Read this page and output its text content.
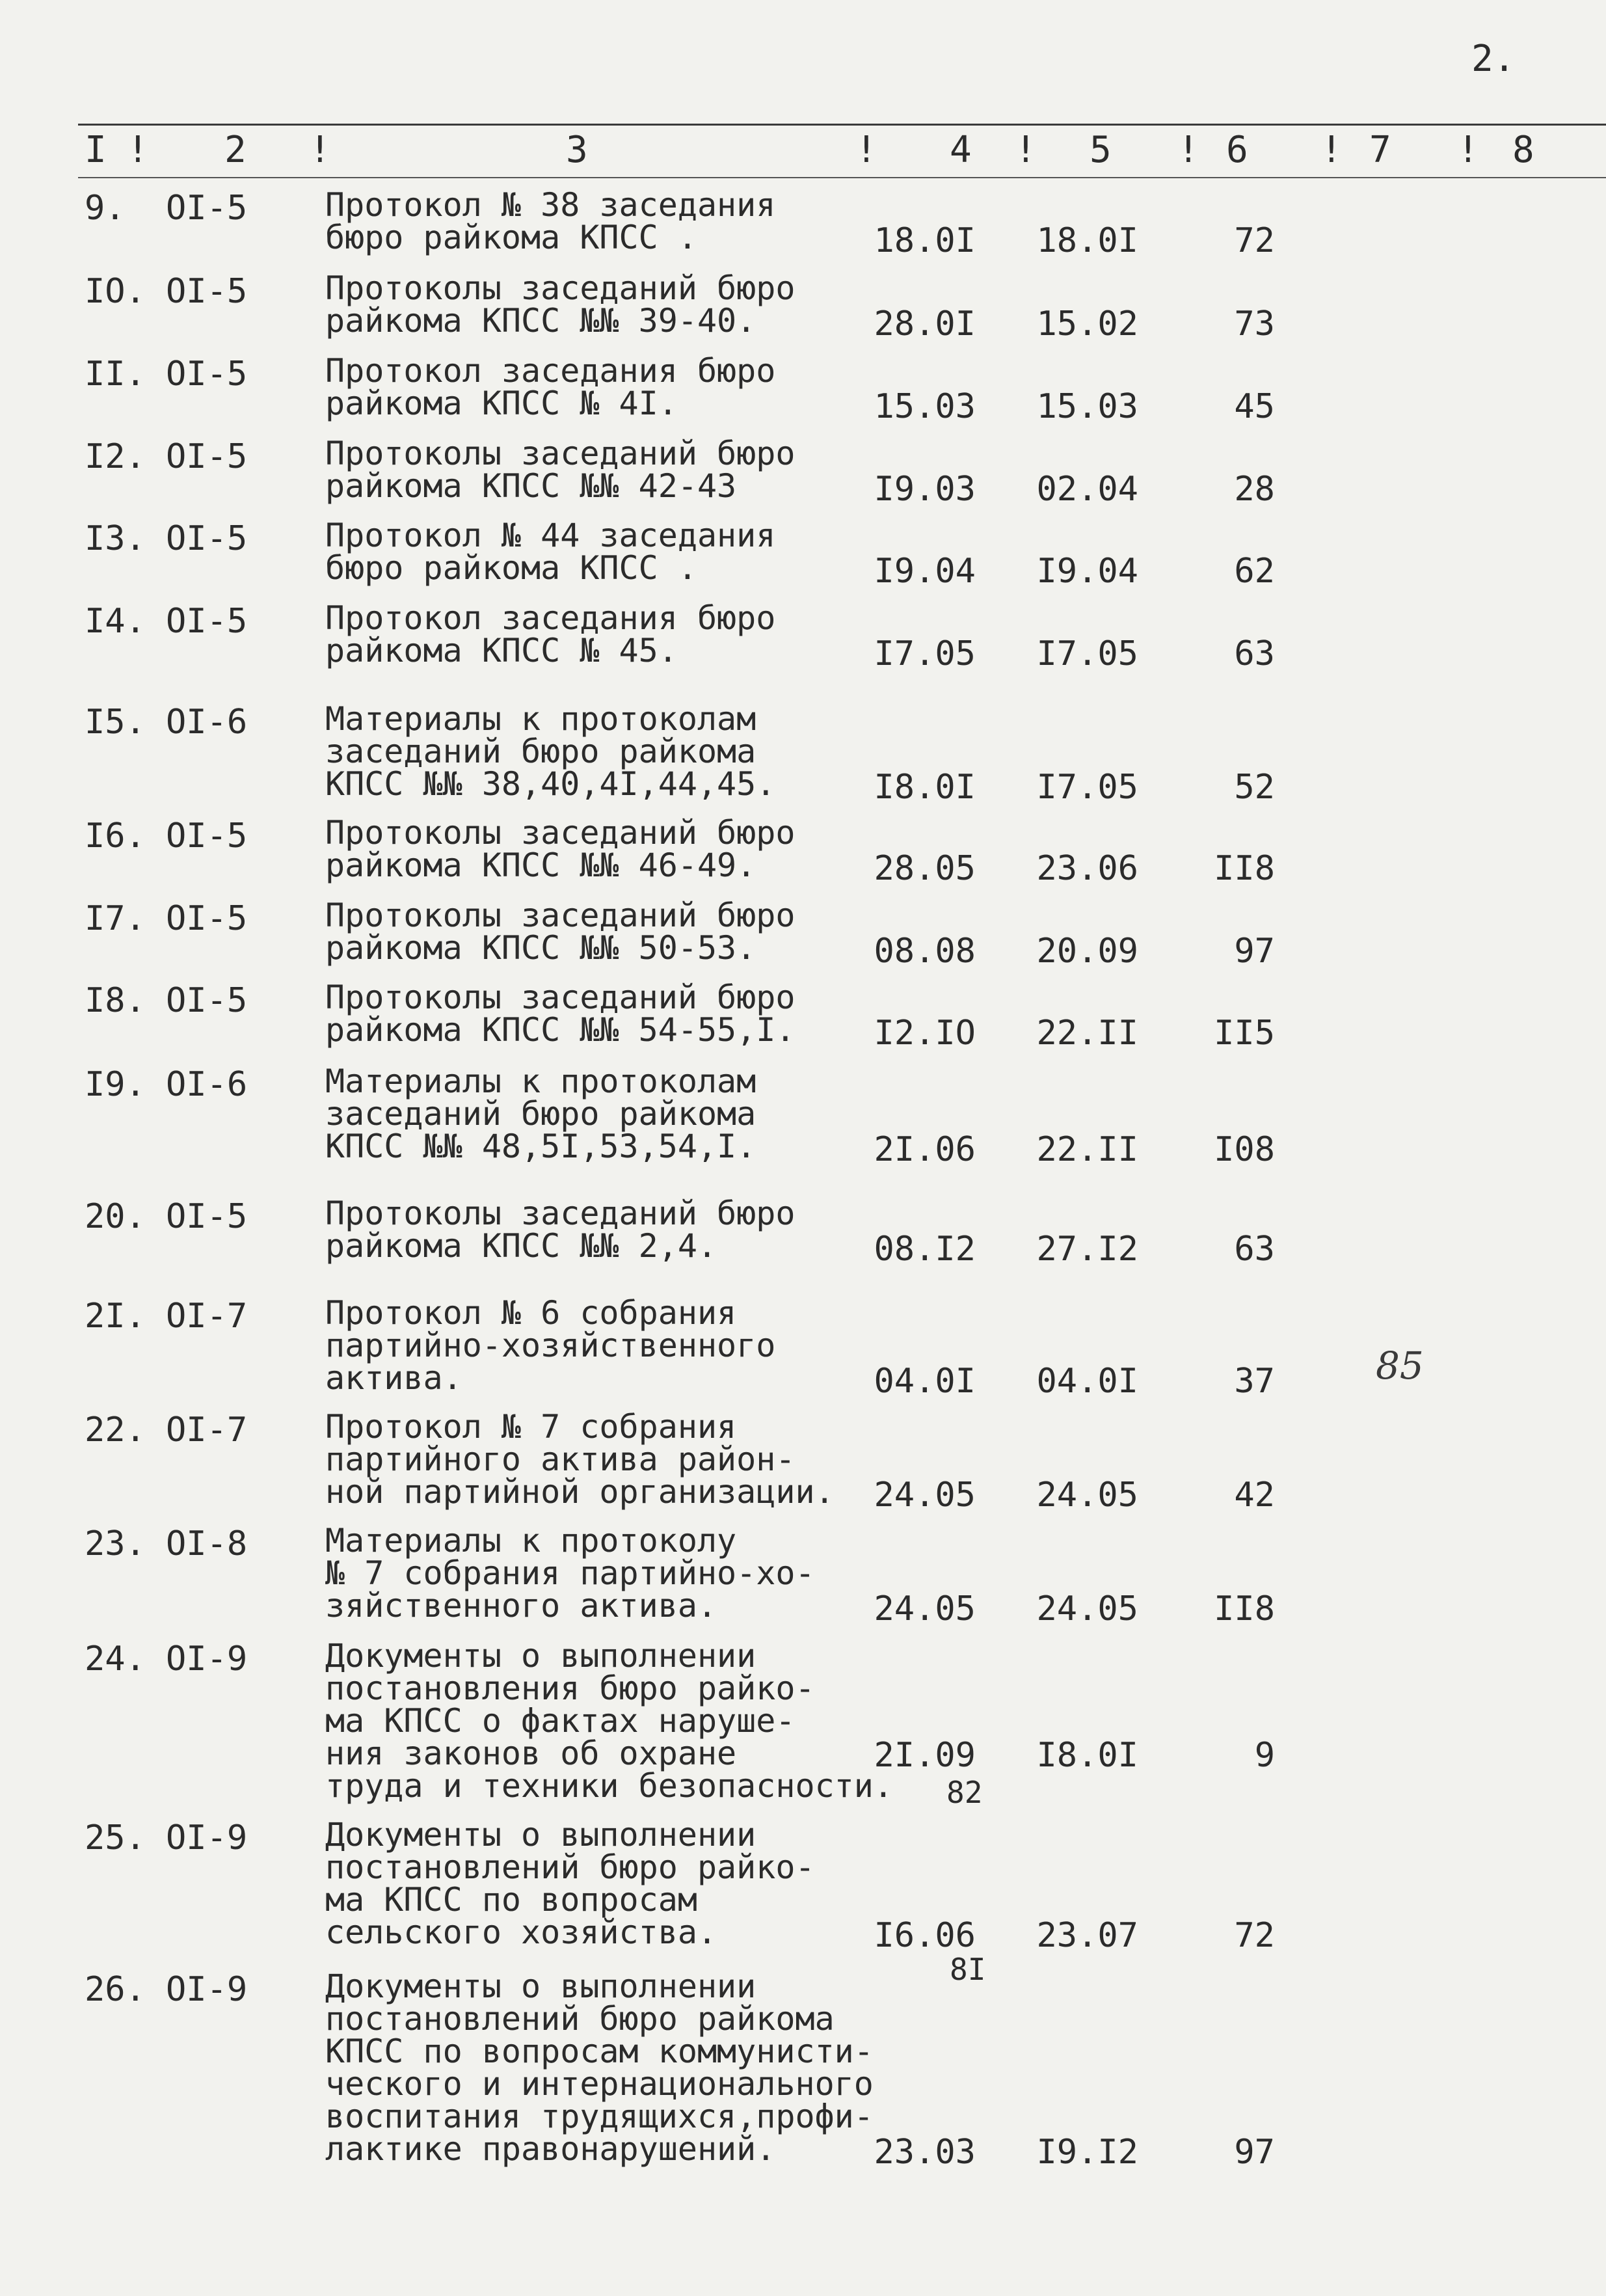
2.
I ! 2 !	3	! 4 ! 5 ! 6 ! 7 ! 8
9. OI-5 Протокол № 38 заседания
бюро райкома КПСС .	18.0I 18.0I	72
IO. OI-5 Протоколы заседаний бюро
райкома КПСС №№ 39-40.	28.0I 15.02	73
II. OI-5 Протокол заседания бюро
райкома КПСС № 4I.	15.03 15.03	45
I2. OI-5 Протоколы заседаний бюро
райкома КПСС №№ 42-43	I9.03 02.04	28
I3. OI-5 Протокол № 44 заседания
бюро райкома КПСС .	I9.04 I9.04	62
I4. OI-5 Протокол заседания бюро
райкома КПСС № 45.	I7.05 I7.05	63
I5. OI-6 Материалы к протоколам
заседаний бюро райкома
КПСС №№ 38,40,4I,44,45.	I8.0I I7.05	52
I6. OI-5 Протоколы заседаний бюро
райкома КПСС №№ 46-49.	28.05 23.06 II8
I7. OI-5 Протоколы заседаний бюро
райкома КПСС №№ 50-53.	08.08 20.09	97
I8. OI-5 Протоколы заседаний бюро
райкома КПСС №№ 54-55,I.	I2.IO 22.II II5
I9. OI-6 Материалы к протоколам
заседаний бюро райкома
КПСС №№ 48,5I,53,54,I.	2I.06 22.II I08
20. OI-5 Протоколы заседаний бюро
райкома КПСС №№ 2,4.	08.I2 27.I2	63
2I. OI-7 Протокол № 6 собрания
партийно-хозяйственного
актива.	04.0I 04.0I	37
22. OI-7 Протокол № 7 собрания
партийного актива район-
ной партийной организации.	24.05 24.05	42
23. OI-8 Материалы к протоколу
№ 7 собрания партийно-хо-
зяйственного актива.	24.05 24.05 II8
24. OI-9 Документы о выполнении
постановления бюро райко-
ма КПСС о фактах наруше-
ния законов об охране
труда и техники безопасности.
2I.09 I8.0I	9
25. OI-9 Документы о выполнении
постановлений бюро райко-
ма КПСС по вопросам
сельского хозяйства.	I6.06 23.07	72
26. OI-9 Документы о выполнении
постановлений бюро райкома
КПСС по вопросам коммунисти-
ческого и интернационального
воспитания трудящихся,профи-
лактике правонарушений.	23.03 I9.I2	97
82
8I
85
